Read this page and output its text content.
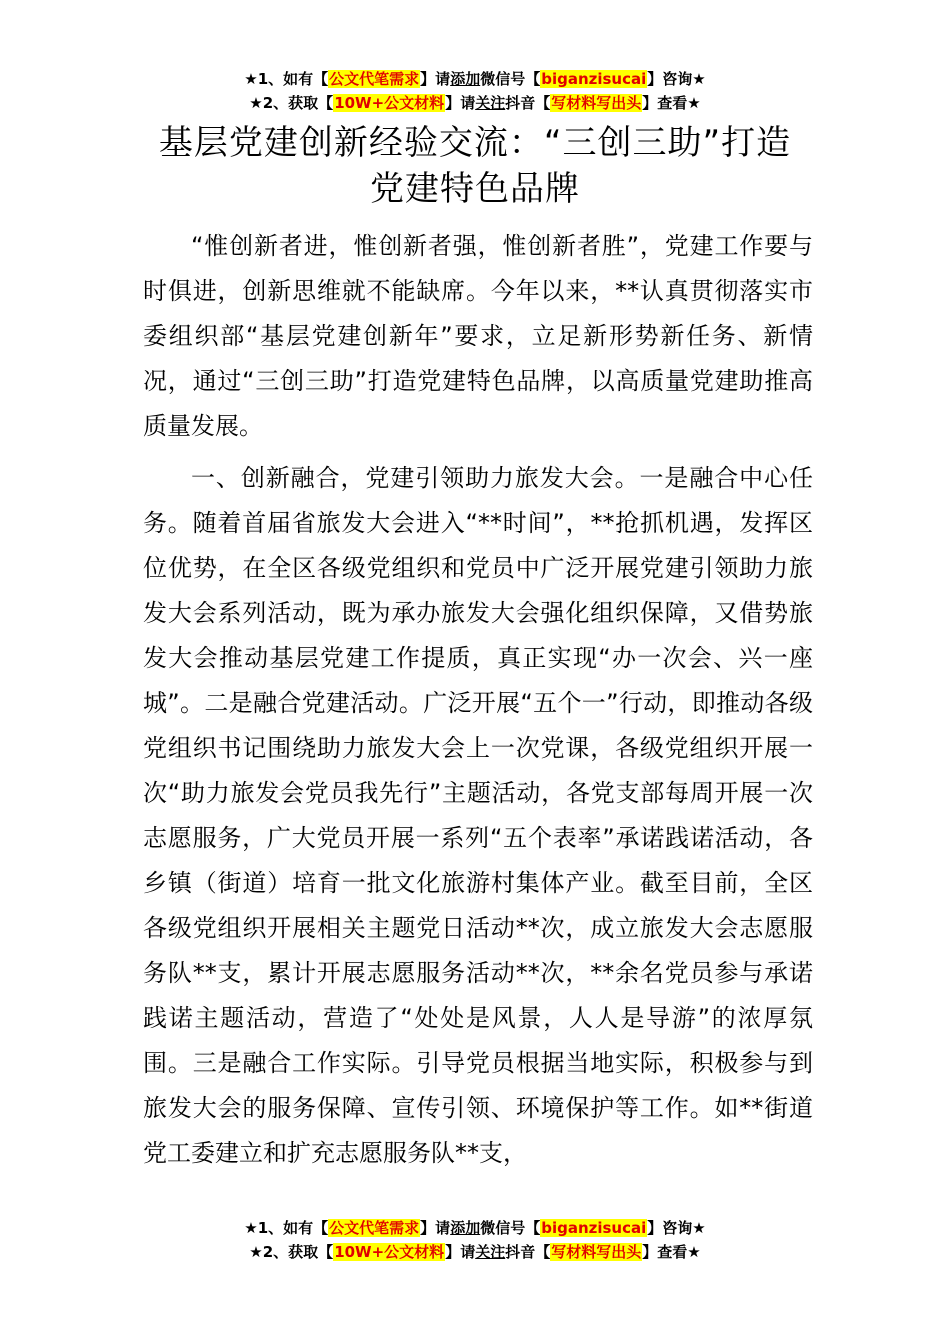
★1、如有【公文代笔需求】请添加微信号【biganzisucai】咨询★
★2、获取【10W+公文材料】请关注抖音【写材料写出头】查看★
基层党建创新经验交流：“三创三助”打造党建特色品牌

“惟创新者进，惟创新者强，惟创新者胜”，党建工作要与时俱进，创新思维就不能缺席。今年以来，**认真贯彻落实市委组织部“基层党建创新年”要求，立足新形势新任务、新情况，通过“三创三助”打造党建特色品牌，以高质量党建助推高质量发展。

一、创新融合，党建引领助力旅发大会。一是融合中心任务。随着首届省旅发大会进入“**时间”，**抢抓机遇，发挥区位优势，在全区各级党组织和党员中广泛开展党建引领助力旅发大会系列活动，既为承办旅发大会强化组织保障，又借势旅发大会推动基层党建工作提质，真正实现“办一次会、兴一座城”。二是融合党建活动。广泛开展“五个一”行动，即推动各级党组织书记围绕助力旅发大会上一次党课，各级党组织开展一次“助力旅发会党员我先行”主题活动，各党支部每周开展一次志愿服务，广大党员开展一系列“五个表率”承诺践诺活动，各乡镇（街道）培育一批文化旅游村集体产业。截至目前，全区各级党组织开展相关主题党日活动**次，成立旅发大会志愿服务队**支，累计开展志愿服务活动**次，**余名党员参与承诺践诺主题活动，营造了“处处是风景，人人是导游”的浓厚氛围。三是融合工作实际。引导党员根据当地实际，积极参与到旅发大会的服务保障、宣传引领、环境保护等工作。如**街道党工委建立和扩充志愿服务队**支，

★1、如有【公文代笔需求】请添加微信号【biganzisucai】咨询★
★2、获取【10W+公文材料】请关注抖音【写材料写出头】查看★
